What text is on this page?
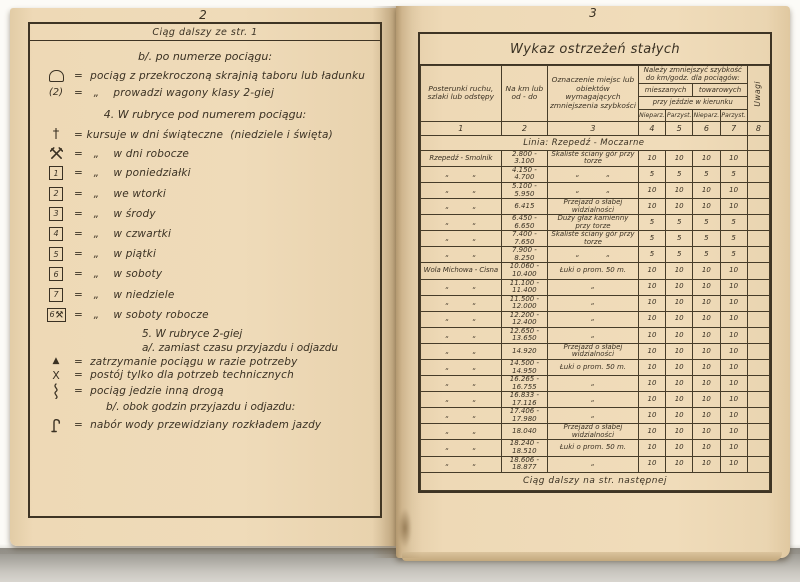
2
Ciąg dalszy ze str. 1
b/. po numerze pociągu:
=  pociąg z przekroczoną skrajnią taboru lub ładunku
(2) =   „    prowadzi wagony klasy 2-giej
4. W rubryce pod numerem pociągu:
† = kursuje w dni świąteczne  (niedziele i święta)
=   „    w dni robocze
1	=   „    w poniedziałki
2	=   „    we wtorki
3	=   „    w środy
4	=   „    w czwartki
5	=   „    w piątki
6	=   „    w soboty
7	=   „    w niedziele
6 =   „    w soboty robocze
5. W rubryce 2-giej
a/. zamiast czasu przyjazdu i odjazdu
▲ =  zatrzymanie pociągu w razie potrzeby
X =  postój tylko dla potrzeb technicznych
=  pociąg jedzie inną drogą
b/. obok godzin przyjazdu i odjazdu:
=  nabór wody przewidziany rozkładem jazdy
3
Wykaz ostrzeżeń stałych
Posterunki ruchu, szlaki lub odstępy	Na km lub od - do	Oznaczenie miejsc lub obiektów wymagających zmniejszenia szybkości	Należy zmniejszyć szybkość do km/godz. dla pociągów:				Uwagi

			mieszanych		towarowych		
			przy jeździe w kierunku				
			Nieparz.	Parzyst.	Nieparz.	Parzyst.	
1	2	3	4	5	6	7	8
Linia: Rzepedź - Moczarne							
Rzepedź - Smolnik	2.800 - 3.100	Skaliste ściany gór przy torze	10	10	10	10	

„ „	4.150 - 4.700	„ „	5	5	5	5	

„ „	5.100 - 5.950	„ „	10	10	10	10	

„ „	6.415	Przejazd o słabej widzialności	10	10	10	10	

„ „	6.450 - 6.650	Duży głaz kamienny przy torze	5	5	5	5	

„ „	7.400 - 7.650	Skaliste ściany gór przy torze	5	5	5	5	

„ „	7.900 - 8.250	„ „	5	5	5	5	
Wola Michowa - Cisna	10.060 - 10.400	Łuki o prom. 50 m.	10	10	10	10	

„ „	11.100 - 11.400	„	10	10	10	10	

„ „	11.500 - 12.000	„	10	10	10	10	

„ „	12.200 - 12.400	„	10	10	10	10	

„ „	12.650 - 13.650	„	10	10	10	10	

„ „	14.920	Przejazd o słabej widzialności	10	10	10	10	

„ „	14.500 - 14.950	Łuki o prom. 50 m.	10	10	10	10	

„ „	16.265 - 16.755	„	10	10	10	10	

„ „	16.833 - 17.116	„	10	10	10	10	

„ „	17.406 - 17.980	„	10	10	10	10	

„ „	18.040	Przejazd o słabej widzialności	10	10	10	10	

„ „	18.240 - 18.510	Łuki o prom. 50 m.	10	10	10	10	

„ „	18.606 - 18.877	„	10	10	10	10	
Ciąg dalszy na str. następnej							
